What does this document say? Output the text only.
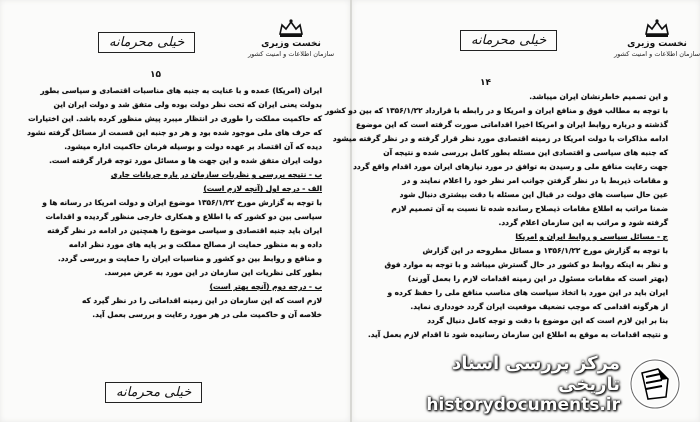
نخست وزیری
سازمان اطلاعات و امنیت کشور
خیلی محرمانه
۱۵
ایران (امریکا) عمده و با عنایت به جنبه های مناسبات اقتصادی و سیاسی بطور
بدولت یعنی ایران که تحت نظر دولت بوده ولی متفق شد و دولت ایران این
که حاکمیت مملکت را طوری در انتظار میبرد پیش منظور کرده باشد. این اختیارات
که حرف های ملی موجود شده بود و هر دو جنبه این قسمت از مسائل گرفته نشود
دیده که آن اقتصاد بر عهده دولت و بوسیله فرمان حاکمیت اداره میشود.
دولت ایران متفق شده و این جهت ها و مسائل مورد توجه قرار گرفته است.
ب - نتیجه بررسی و نظریات سازمان در باره جریانات جاری
الف - درجه اول (آنچه لازم است)
با توجه به گزارش مورخ ۱۳۵۶/۱/۲۲ موضوع ایران و دولت امریکا در رسانه ها و
سیاسی بین دو کشور که با اطلاع و همکاری خارجی منظور گردیده و اقدامات
ایران باید جنبه اقتصادی و سیاسی موضوع را همچنین در ادامه در نظر گرفته
داده و به منظور حمایت از مصالح مملکت و بر پایه های مورد نظر ادامه
و منافع و روابط بین دو کشور و مناسبات ایران را حمایت و بررسی گردد.
بطور کلی نظریات این سازمان در این مورد به عرض میرسد.
ب - درجه دوم (آنچه بهتر است)
لازم است که این سازمان در این زمینه اقداماتی را در نظر گیرد که
خلاصه آن و حاکمیت ملی در هر مورد رعایت و بررسی بعمل آید.
خیلی محرمانه
نخست وزیری
سازمان اطلاعات و امنیت کشور
خیلی محرمانه
۱۴
و این تصمیم خاطرنشان ایران میباشد.
با توجه به مطالب فوق و منافع ایران و امریکا و در رابطه با قرارداد ۱۳۵۶/۱/۲۲ که بین دو کشور
گذشته و درباره روابط ایران و امریکا اخیرا اقداماتی صورت گرفته است که این موضوع
ادامه مذاکرات با دولت امریکا در زمینه اقتصادی مورد نظر قرار گرفته و در نظر گرفته میشود
که جنبه های سیاسی و اقتصادی این مسئله بطور کامل بررسی شده و نتیجه آن
جهت رعایت منافع ملی و رسیدن به توافق در مورد نیازهای ایران مورد اقدام واقع گردد
و مقامات ذیربط با در نظر گرفتن جوانب امر نظر خود را اعلام نمایند و در
عین حال سیاست های دولت در قبال این مسئله با دقت بیشتری دنبال شود
ضمنا مراتب به اطلاع مقامات ذیصلاح رسانده شده تا نسبت به آن تصمیم لازم
گرفته شود و مراتب به این سازمان اعلام گردد.
ج - مسائل سیاسی و روابط ایران و امریکا
با توجه به گزارش مورخ ۱۳۵۶/۱/۲۲ و مسائل مطروحه در این گزارش
و نظر به اینکه روابط دو کشور در حال گسترش میباشد و با توجه به موارد فوق
(بهتر است که مقامات مسئول در این زمینه اقدامات لازم را بعمل آورند)
ایران باید در این مورد با اتخاذ سیاست های مناسب منافع ملی را حفظ کرده و
از هرگونه اقدامی که موجب تضعیف موقعیت ایران گردد خودداری نماید.
بنا بر این لازم است که این موضوع با دقت و توجه کامل دنبال گردد
و نتیجه اقدامات به موقع به اطلاع این سازمان رسانیده شود تا اقدام لازم بعمل آید.
مرکز بررسی اسناد تاریخی
historydocuments.ir
